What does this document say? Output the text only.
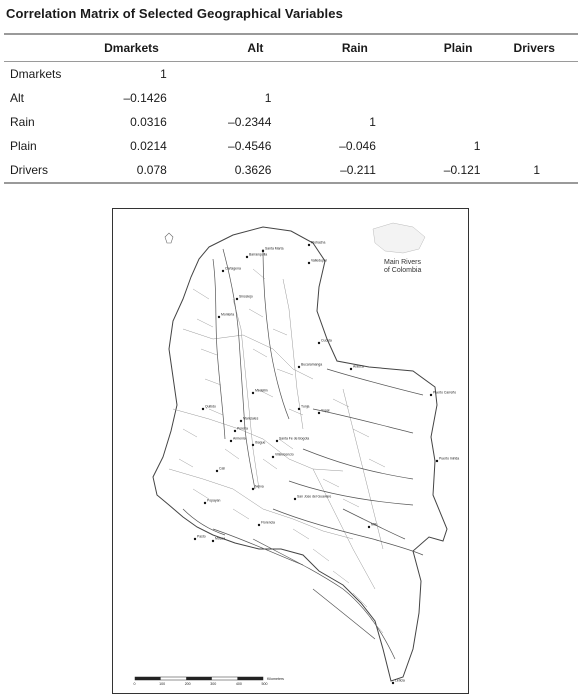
Correlation Matrix of Selected Geographical Variables
	Dmarkets	Alt	Rain	Plain	Drivers
Dmarkets	1				
Alt	–0.1426	1			
Rain	0.0316	–0.2344	1		
Plain	0.0214	–0.4546	–0.046	1	
Drivers	0.078	0.3626	–0.211	–0.121	1
Main Rivers
of Colombia
Riohacha
Santa Marta
Barranquilla
Valledupar
Cartagena
Sincelejo
Monteria
Cucuta
Bucaramanga	Arauca
Medellin	Puerto Carreño
Quibdo	Tunja
Yopal
Manizales
Pereira
Armenia
Ibague
Santa Fe de Bogota
Villavicencio
Puerto Inirida
Cali
Neiva
Popayan
San Jose del Guaviare
Florencia	Mitu
Pasto	Mocoa
Leticia
0	100	200	300	400	500
Kilometers
